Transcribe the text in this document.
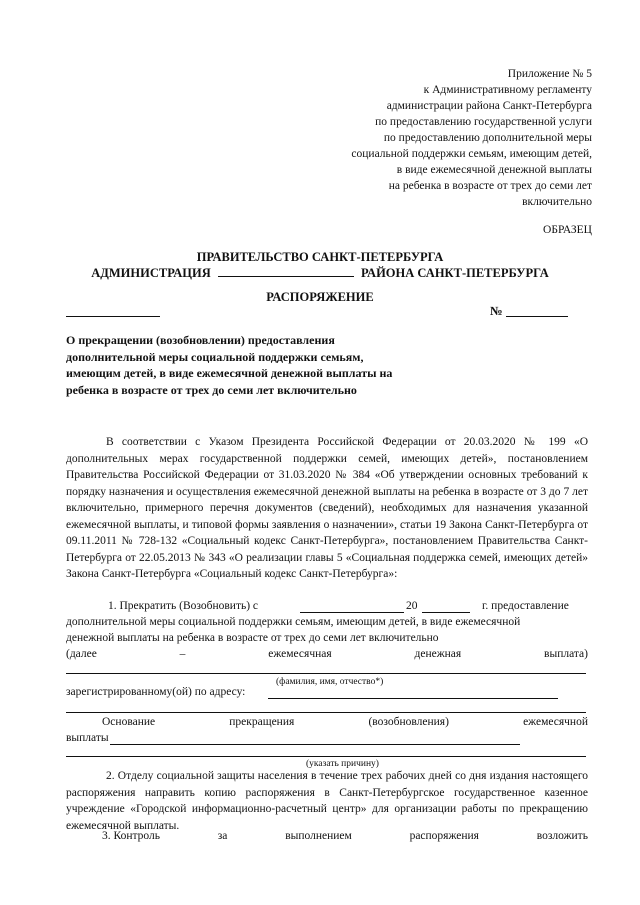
Приложение № 5
к Административному регламенту
администрации района Санкт-Петербурга
по предоставлению государственной услуги
по предоставлению дополнительной меры
социальной поддержки семьям, имеющим детей,
в виде ежемесячной денежной выплаты
на ребенка в возрасте от трех до семи лет
включительно
ОБРАЗЕЦ
ПРАВИТЕЛЬСТВО САНКТ-ПЕТЕРБУРГА
АДМИНИСТРАЦИЯ	РАЙОНА САНКТ-ПЕТЕРБУРГА
РАСПОРЯЖЕНИЕ
№
О прекращении (возобновлении) предоставления дополнительной меры социальной поддержки семьям, имеющим детей, в виде ежемесячной денежной выплаты на ребенка в возрасте от трех до семи лет включительно
В соответствии с Указом Президента Российской Федерации от 20.03.2020 № 199 «О дополнительных мерах государственной поддержки семей, имеющих детей», постановлением Правительства Российской Федерации от 31.03.2020 № 384 «Об утверждении основных требований к порядку назначения и осуществления ежемесячной денежной выплаты на ребенка в возрасте от 3 до 7 лет включительно, примерного перечня документов (сведений), необходимых для назначения указанной ежемесячной выплаты, и типовой формы заявления о назначении», статьи 19 Закона Санкт-Петербурга от 09.11.2011 № 728-132 «Социальный кодекс Санкт-Петербурга», постановлением Правительства Санкт-Петербурга от 22.05.2013 № 343 «О реализации главы 5 «Социальная поддержка семей, имеющих детей» Закона Санкт-Петербурга «Социальный кодекс Санкт-Петербурга»:
1. Прекратить (Возобновить) с	20	г. предоставление
дополнительной меры социальной поддержки семьям, имеющим детей, в виде ежемесячной
денежной выплаты на ребенка в возрасте от трех до семи лет включительно
(далее	–	ежемесячная	денежная	выплата)
(фамилия, имя, отчество*)
зарегистрированному(ой) по адресу:
Основание	прекращения	(возобновления)	ежемесячной
выплаты
(указать причину)
2. Отделу социальной защиты населения в течение трех рабочих дней со дня издания настоящего распоряжения направить копию распоряжения в Санкт-Петербургское государственное казенное учреждение «Городской информационно-расчетный центр» для организации работы по прекращению ежемесячной выплаты.
3. Контроль	за	выполнением	распоряжения	возложить
